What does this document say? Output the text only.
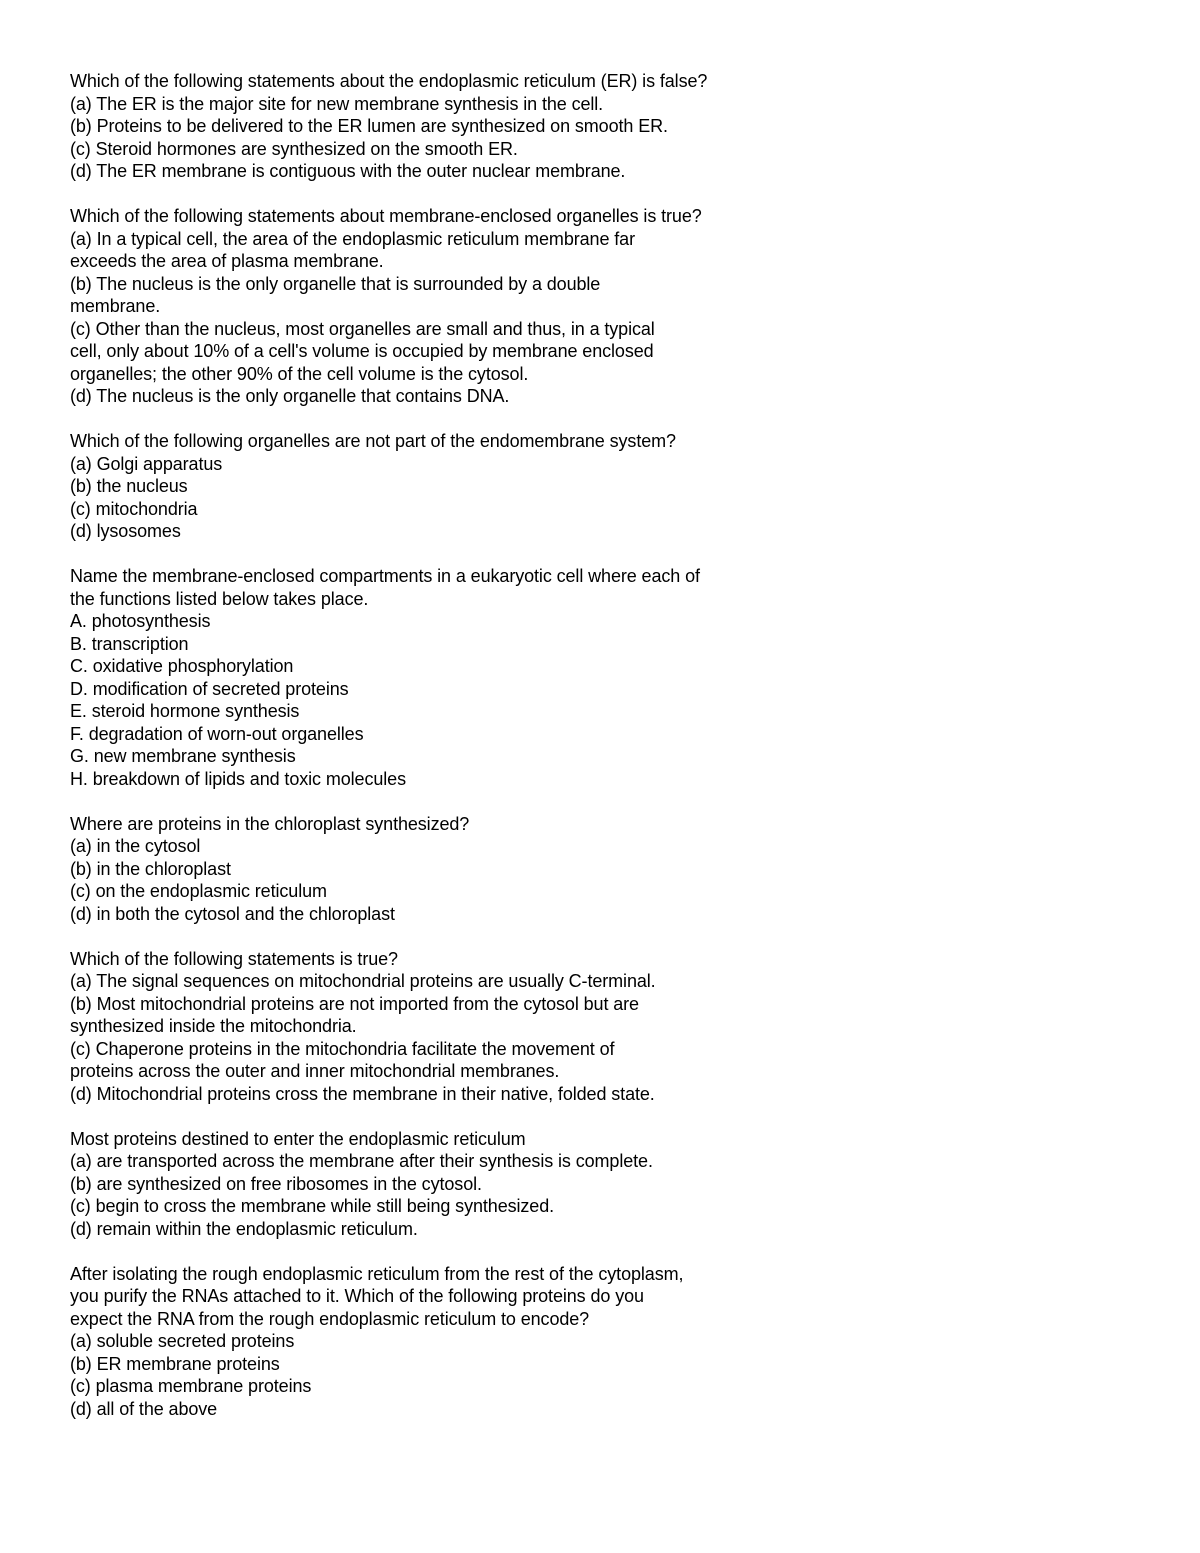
Which of the following statements about the endoplasmic reticulum (ER) is false?
(a) The ER is the major site for new membrane synthesis in the cell.
(b) Proteins to be delivered to the ER lumen are synthesized on smooth ER.
(c) Steroid hormones are synthesized on the smooth ER.
(d) The ER membrane is contiguous with the outer nuclear membrane.
Which of the following statements about membrane-enclosed organelles is true?
(a) In a typical cell, the area of the endoplasmic reticulum membrane far
exceeds the area of plasma membrane.
(b) The nucleus is the only organelle that is surrounded by a double
membrane.
(c) Other than the nucleus, most organelles are small and thus, in a typical
cell, only about 10% of a cell's volume is occupied by membrane enclosed
organelles; the other 90% of the cell volume is the cytosol.
(d) The nucleus is the only organelle that contains DNA.
Which of the following organelles are not part of the endomembrane system?
(a) Golgi apparatus
(b) the nucleus
(c) mitochondria
(d) lysosomes
Name the membrane-enclosed compartments in a eukaryotic cell where each of
the functions listed below takes place.
A. photosynthesis
B. transcription
C. oxidative phosphorylation
D. modification of secreted proteins
E. steroid hormone synthesis
F. degradation of worn-out organelles
G. new membrane synthesis
H. breakdown of lipids and toxic molecules
Where are proteins in the chloroplast synthesized?
(a) in the cytosol
(b) in the chloroplast
(c) on the endoplasmic reticulum
(d) in both the cytosol and the chloroplast
Which of the following statements is true?
(a) The signal sequences on mitochondrial proteins are usually C-terminal.
(b) Most mitochondrial proteins are not imported from the cytosol but are
synthesized inside the mitochondria.
(c) Chaperone proteins in the mitochondria facilitate the movement of
proteins across the outer and inner mitochondrial membranes.
(d) Mitochondrial proteins cross the membrane in their native, folded state.
Most proteins destined to enter the endoplasmic reticulum
(a) are transported across the membrane after their synthesis is complete.
(b) are synthesized on free ribosomes in the cytosol.
(c) begin to cross the membrane while still being synthesized.
(d) remain within the endoplasmic reticulum.
After isolating the rough endoplasmic reticulum from the rest of the cytoplasm,
you purify the RNAs attached to it. Which of the following proteins do you
expect the RNA from the rough endoplasmic reticulum to encode?
(a) soluble secreted proteins
(b) ER membrane proteins
(c) plasma membrane proteins
(d) all of the above
